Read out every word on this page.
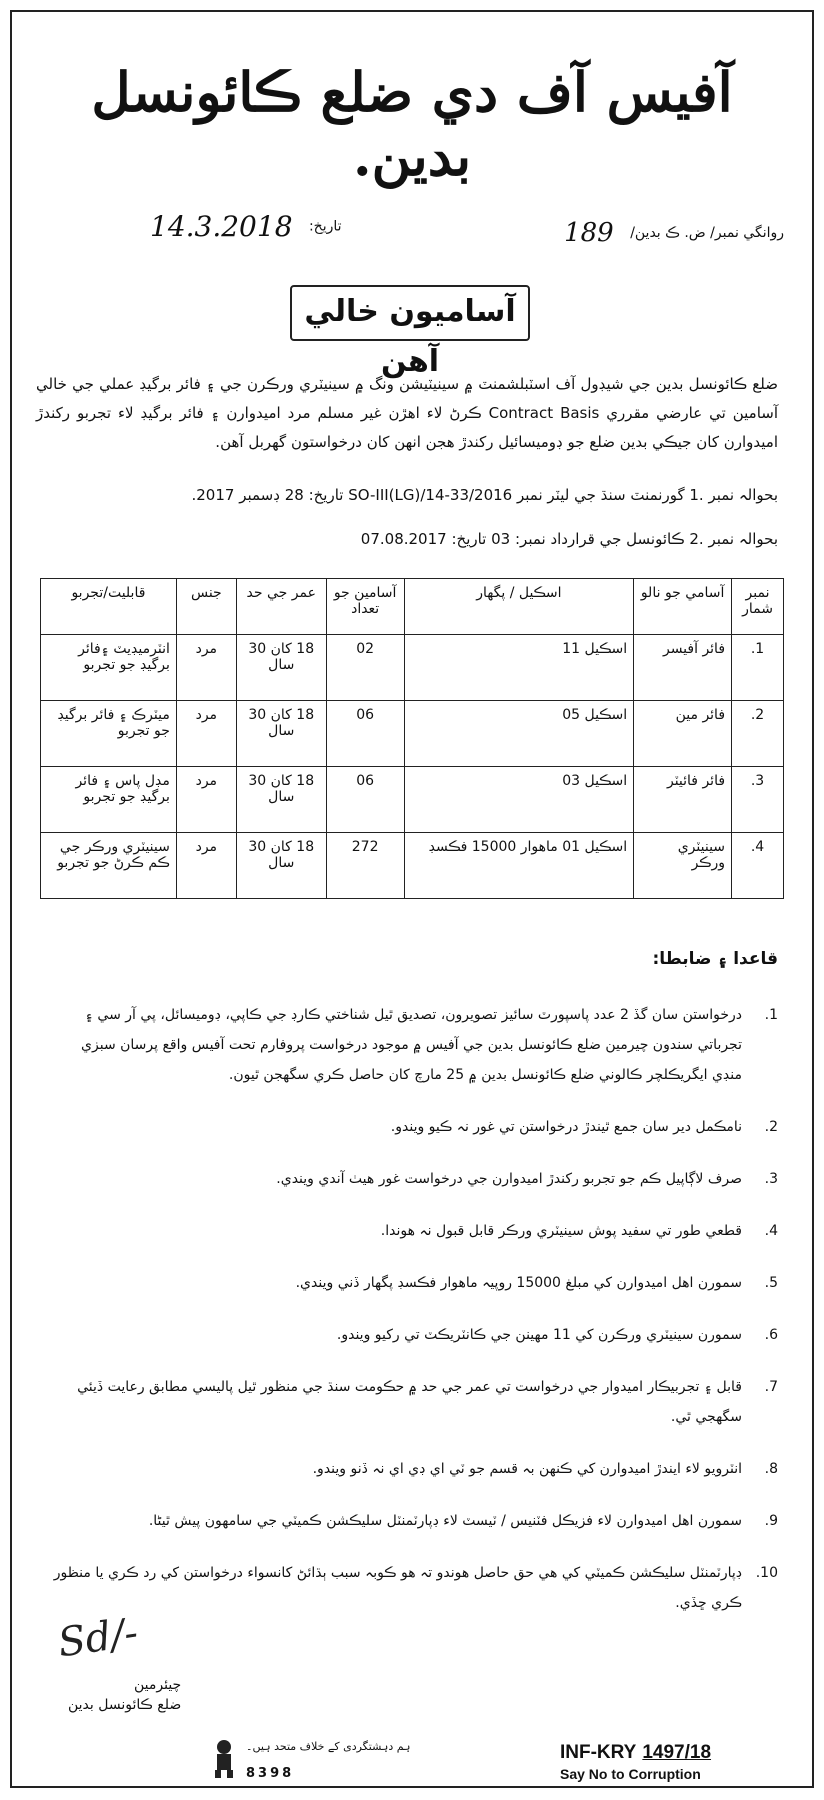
آفيس آف دي ضلع ڪائونسل بدين.
روانگي نمبر/ ض. ڪ بدين/ 189
تاريخ: 14.3.2018
آساميون خالي آهن

ضلع ڪائونسل بدين جي شيڊول آف اسٽبلشمنٽ ۾ سينيٽيشن ونگ ۾ سينيٽري ورڪرن جي ۽ فائر برگيڊ عملي جي خالي آسامين تي عارضي مقرري Contract Basis ڪرڻ لاء اهڙن غير مسلم مرد اميدوارن ۽ فائر برگيڊ لاء تجربو رکندڙ اميدوارن کان جيڪي بدين ضلع جو ڊوميسائيل رکندڙ هجن انهن کان درخواستون گهربل آهن.

بحوالہ نمبر .1 گورنمنٽ سنڌ جي ليٽر نمبر SO-III(LG)/14-33/2016 تاريخ: 28 ڊسمبر 2017.

بحوالہ نمبر .2 ڪائونسل جي قرارداد نمبر: 03 تاريخ: 07.08.2017

نمبر شمار	آسامي جو نالو	اسڪيل / پگهار	آسامين جو تعداد	عمر جي حد	جنس	قابليت/تجربو
1.	فائر آفيسر	اسڪيل 11	02	18 کان 30 سال	مرد	انٽرميڊيٽ ۽فائر برگيڊ جو تجربو
2.	فائر مين	اسڪيل 05	06	18 کان 30 سال	مرد	ميٽرڪ ۽ فائر برگيڊ جو تجربو
3.	فائر فائيٽر	اسڪيل 03	06	18 کان 30 سال	مرد	مڊل پاس ۽ فائر برگيڊ جو تجربو
4.	سينيٽري ورڪر	اسڪيل 01 ماهوار 15000 فڪسڊ	272	18 کان 30 سال	مرد	سينيٽري ورڪر جي ڪم ڪرڻ جو تجربو
قاعدا ۽ ضابطا:
1.
درخواستن سان گڏ 2 عدد پاسپورٽ سائيز تصويرون، تصديق ٿيل شناختي ڪارڊ جي ڪاپي، ڊوميسائل، پي آر سي ۽ تجرباتي سندون چيرمين ضلع ڪائونسل بدين جي آفيس ۾ موجود درخواست پروفارم تحت آفيس واقع پرسان سبزي منڊي ايگريڪلچر ڪالوني ضلع ڪائونسل بدين ۾ 25 مارچ کان حاصل ڪري سگهجن ٿيون.
2.
نامڪمل دير سان جمع ٿيندڙ درخواستن تي غور نہ ڪيو ويندو.
3.
صرف لاڳاپيل ڪم جو تجربو رکندڙ اميدوارن جي درخواست غور هيٺ آندي ويندي.
4.
قطعي طور تي سفيد پوش سينيٽري ورڪر قابل قبول نہ هوندا.
5.
سمورن اهل اميدوارن کي مبلغ 15000 روپيہ ماهوار فڪسڊ پگهار ڏني ويندي.
6.
سمورن سينيٽري ورڪرن کي 11 مهينن جي ڪانٽريڪٽ تي رکيو ويندو.
7.
قابل ۽ تجربيڪار اميدوار جي درخواست تي عمر جي حد ۾ حڪومت سنڌ جي منظور ٿيل پاليسي مطابق رعايت ڏيئي سگهجي ٿي.
8.
انٽرويو لاء ايندڙ اميدوارن کي ڪنهن بہ قسم جو ٽي اي ڊي اي نہ ڏنو ويندو.
9.
سمورن اهل اميدوارن لاء فزيڪل فٽنيس / ٽيسٽ لاء ڊپارٽمنٽل سليڪشن ڪميٽي جي سامهون پيش ٿيڻا.
10.
ڊپارٽمنٽل سليڪشن ڪميٽي کي هي حق حاصل هوندو تہ هو ڪوبہ سبب ٻڌائڻ کانسواء درخواستن کي رد ڪري يا منظور ڪري ڇڏي.
Sd/-
چيئرمين
ضلع ڪائونسل بدين
ہم دہشتگردی کے خلاف متحد ہیں۔
8398
INF-KRY 1497/18
Say No to Corruption
